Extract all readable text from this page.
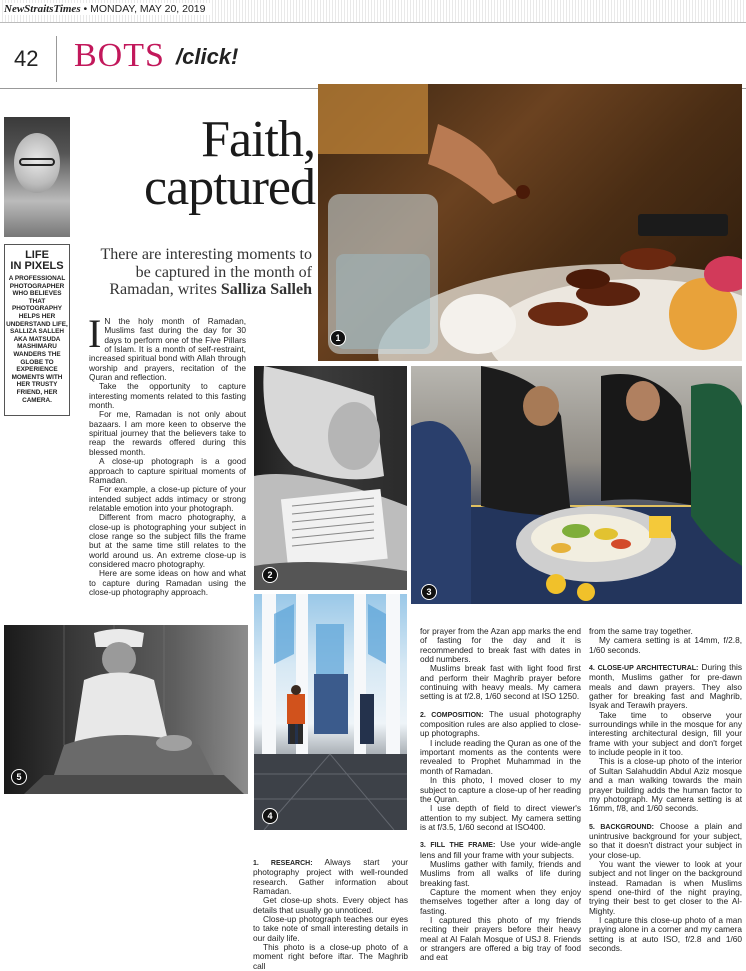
NewStraitsTimes • MONDAY, MAY 20, 2019
42 BOTS /click!
LIFE
IN PIXELS
A PROFESSIONAL PHOTOGRAPHER WHO BELIEVES THAT PHOTOGRAPHY HELPS HER UNDERSTAND LIFE, SALLIZA SALLEH AKA MATSUDA MASHIMARU WANDERS THE GLOBE TO EXPERIENCE MOMENTS WITH HER TRUSTY FRIEND, HER CAMERA.
Faith,
captured
There are interesting moments to be captured in the month of Ramadan, writes Salliza Salleh
1
2
3
4
5

I N the holy month of Ramadan, Muslims fast during the day for 30 days to perform one of the Five Pillars of Islam. It is a month of self-restraint, increased spiritual bond with Allah through worship and prayers, recitation of the Quran and reflection.

Take the opportunity to capture interesting moments related to this fasting month.

For me, Ramadan is not only about bazaars. I am more keen to observe the spiritual journey that the believers take to reap the rewards offered during this blessed month.

A close-up photograph is a good approach to capture spiritual moments of Ramadan.

For example, a close-up picture of your intended subject adds intimacy or strong relatable emotion into your photograph.

Different from macro photography, a close-up is photographing your subject in close range so the subject fills the frame but at the same time still relates to the world around us. An extreme close-up is considered macro photography.

Here are some ideas on how and what to capture during Ramadan using the close-up photography approach.

1. RESEARCH: Always start your photography project with well-rounded research. Gather information about Ramadan.

Get close-up shots. Every object has details that usually go unnoticed.

Close-up photograph teaches our eyes to take note of small interesting details in our daily life.

This photo is a close-up photo of a moment right before iftar. The Maghrib call

for prayer from the Azan app marks the end of fasting for the day and it is recommended to break fast with dates in odd numbers.

Muslims break fast with light food first and perform their Maghrib prayer before continuing with heavy meals. My camera setting is at f/2.8, 1/60 second at ISO 1250.

2. COMPOSITION: The usual photography composition rules are also applied to close-up photographs.

I include reading the Quran as one of the important moments as the contents were revealed to Prophet Muhammad in the month of Ramadan.

In this photo, I moved closer to my subject to capture a close-up of her reading the Quran.

I use depth of field to direct viewer's attention to my subject. My camera setting is at f/3.5, 1/60 second at ISO400.

3. FILL THE FRAME: Use your wide-angle lens and fill your frame with your subjects.

Muslims gather with family, friends and Muslims from all walks of life during breaking fast.

Capture the moment when they enjoy themselves together after a long day of fasting.

I captured this photo of my friends reciting their prayers before their heavy meal at Al Falah Mosque of USJ 8. Friends or strangers are offered a big tray of food and eat

from the same tray together.

My camera setting is at 14mm, f/2.8, 1/60 seconds.

4. CLOSE-UP ARCHITECTURAL: During this month, Muslims gather for pre-dawn meals and dawn prayers. They also gather for breaking fast and Maghrib, Isyak and Terawih prayers.

Take time to observe your surroundings while in the mosque for any interesting architectural design, fill your frame with your subject and don't forget to include people in it too.

This is a close-up photo of the interior of Sultan Salahuddin Abdul Aziz mosque and a man walking towards the main prayer building adds the human factor to my photograph. My camera setting is at 16mm, f/8, and 1/60 seconds.

5. BACKGROUND: Choose a plain and unintrusive background for your subject, so that it doesn't distract your subject in your close-up.

You want the viewer to look at your subject and not linger on the background instead. Ramadan is when Muslims spend one-third of the night praying, trying their best to get closer to the Al-Mighty.

I capture this close-up photo of a man praying alone in a corner and my camera setting is at auto ISO, f/2.8 and 1/60 seconds.
